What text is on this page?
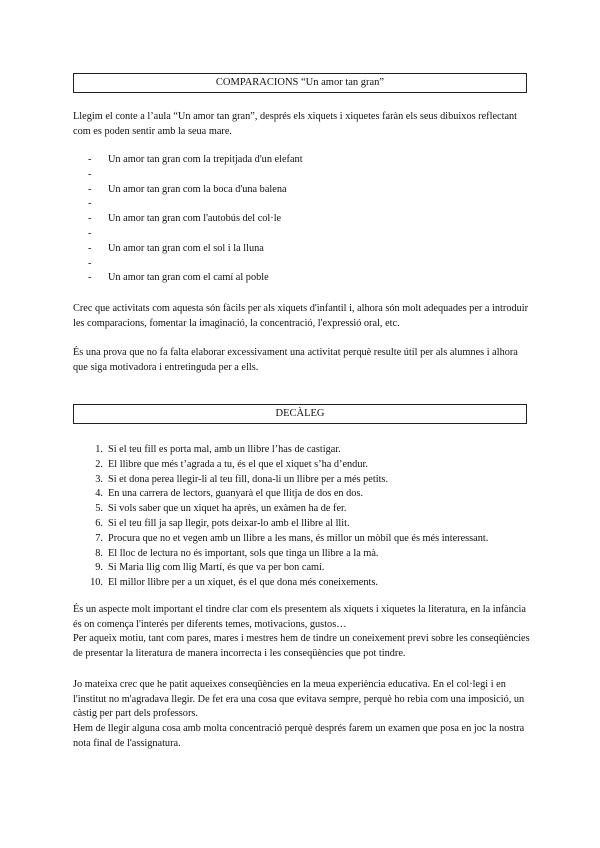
COMPARACIONS “Un amor tan gran”

Llegim el conte a l’aula “Un amor tan gran”, després els xiquets i xiquetes faràn els seus dibuixos reflectant com es poden sentir amb la seua mare.

- Un amor tan gran com la trepitjada d'un elefant
-
- Un amor tan gran com la boca d'una balena
-
- Un amor tan gran com l'autobús del col·le
-
- Un amor tan gran com el sol i la lluna
-
- Un amor tan gran com el camí al poble

Crec que activitats com aquesta són fàcils per als xiquets d'infantil i, alhora són molt adequades per a introduir les comparacions, fomentar la imaginació, la concentració, l'expressió oral, etc.

És una prova que no fa falta elaborar excessivament una activitat perquè resulte útil per als alumnes i alhora que siga motivadora i entretinguda per a ells.

DECÀLEG
1. Si el teu fill es porta mal, amb un llibre l’has de castigar.
2. El llibre que més t’agrada a tu, és el que el xiquet s’ha d’endur.
3. Si et dona perea llegir-li al teu fill, dona-li un llibre per a més petits.
4. En una carrera de lectors, guanyarà el que llitja de dos en dos.
5. Si vols saber que un xiquet ha après, un exàmen ha de fer.
6. Si el teu fill ja sap llegir, pots deixar-lo amb el llibre al llit.
7. Procura que no et vegen amb un llibre a les mans, és millor un mòbil que és més interessant.
8. El lloc de lectura no és important, sols que tinga un llibre a la mà.
9. Si Maria llig com llig Martí, és que va per bon camí.
10. El millor llibre per a un xiquet, és el que dona més coneixements.

És un aspecte molt important el tindre clar com els presentem als xiquets i xiquetes la literatura, en la infància és on comença l'interés per diferents temes, motivacions, gustos…

Per aqueix motiu, tant com pares, mares i mestres hem de tindre un coneixement previ sobre les conseqüències de presentar la literatura de manera incorrecta i les conseqüències que pot tindre.

Jo mateixa crec que he patit aqueixes conseqüències en la meua experiència educativa. En el col·legi i en l'institut no m'agradava llegir. De fet era una cosa que evitava sempre, perquè ho rebia com una imposició, un càstig per part dels professors.

Hem de llegir alguna cosa amb molta concentració perquè després farem un examen que posa en joc la nostra nota final de l'assignatura.
